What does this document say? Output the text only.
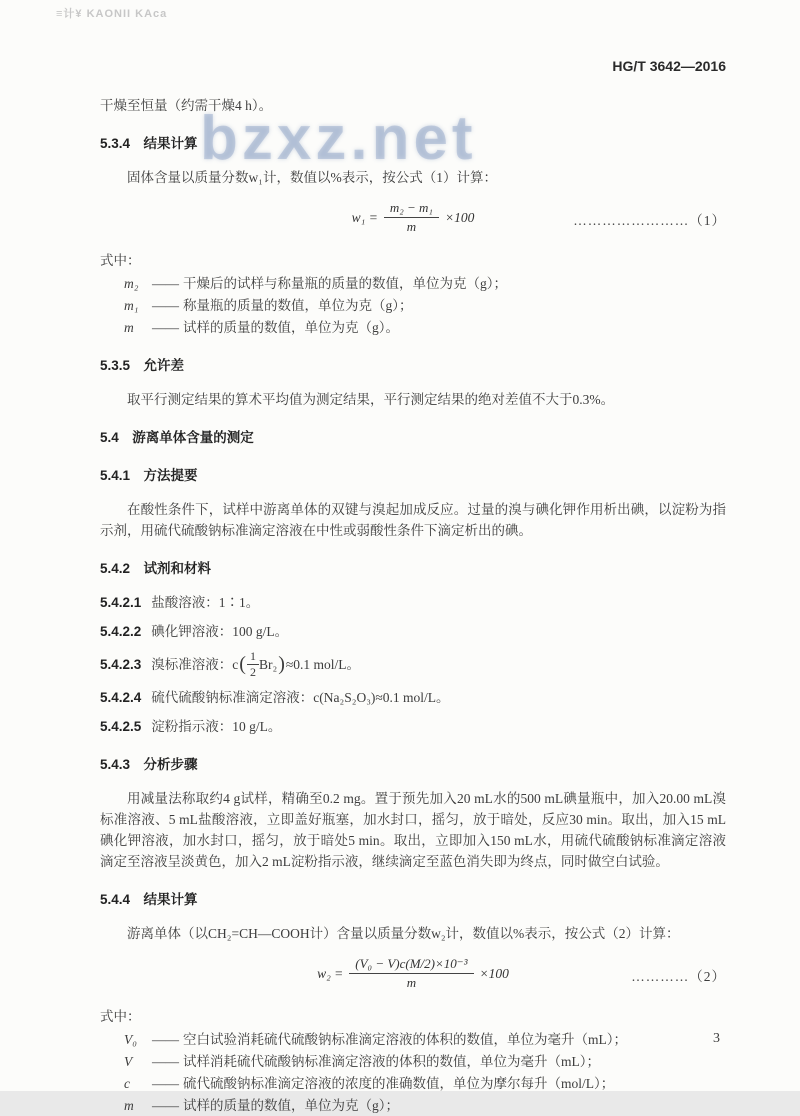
≡计¥ KAONII KAca
bzxz.net
HG/T 3642—2016
干燥至恒量（约需干燥4 h）。
5.3.4　结果计算
固体含量以质量分数w₁计，数值以%表示，按公式（1）计算：
$w_1 = \frac{\text{m₂ − m₁}}{m} \times 100$	……………………（1）
式中：
m₂	—— 干燥后的试样与称量瓶的质量的数值，单位为克（g）；
m₁	—— 称量瓶的质量的数值，单位为克（g）；
m	—— 试样的质量的数值，单位为克（g）。
5.3.5　允许差
取平行测定结果的算术平均值为测定结果，平行测定结果的绝对差值不大于0.3%。
5.4　游离单体含量的测定
5.4.1　方法提要
在酸性条件下，试样中游离单体的双键与溴起加成反应。过量的溴与碘化钾作用析出碘，以淀粉为指示剂，用硫代硫酸钠标准滴定溶液在中性或弱酸性条件下滴定析出的碘。
5.4.2　试剂和材料
5.4.2.1 盐酸溶液：1∶1。
5.4.2.2 碘化钾溶液：100 g/L。
5.4.2.3 溴标准溶液：c ( $\frac{1}{2} Br_2$ ) ≈0.1 mol/L。
5.4.2.4 硫代硫酸钠标准滴定溶液：c(Na₂S₂O₃)≈0.1 mol/L。
5.4.2.5 淀粉指示液：10 g/L。
5.4.3　分析步骤
用减量法称取约4 g试样，精确至0.2 mg。置于预先加入20 mL水的500 mL碘量瓶中，加入20.00 mL溴标准溶液、5 mL盐酸溶液，立即盖好瓶塞，加水封口，摇匀，放于暗处，反应30 min。取出，加入15 mL碘化钾溶液，加水封口，摇匀，放于暗处5 min。取出，立即加入150 mL水，用硫代硫酸钠标准滴定溶液滴定至溶液呈淡黄色，加入2 mL淀粉指示液，继续滴定至蓝色消失即为终点，同时做空白试验。
5.4.4　结果计算
游离单体（以CH₂=CH—COOH计）含量以质量分数w₂计，数值以%表示，按公式（2）计算：
$w_2 = \frac{\text{(V₀ − V)c(M/2)×10⁻³}}{m} \times 100$	…………（2）
式中：
V₀	—— 空白试验消耗硫代硫酸钠标准滴定溶液的体积的数值，单位为毫升（mL）；
V	—— 试样消耗硫代硫酸钠标准滴定溶液的体积的数值，单位为毫升（mL）；
c	—— 硫代硫酸钠标准滴定溶液的浓度的准确数值，单位为摩尔每升（mol/L）；
m	—— 试样的质量的数值，单位为克（g）；
3
